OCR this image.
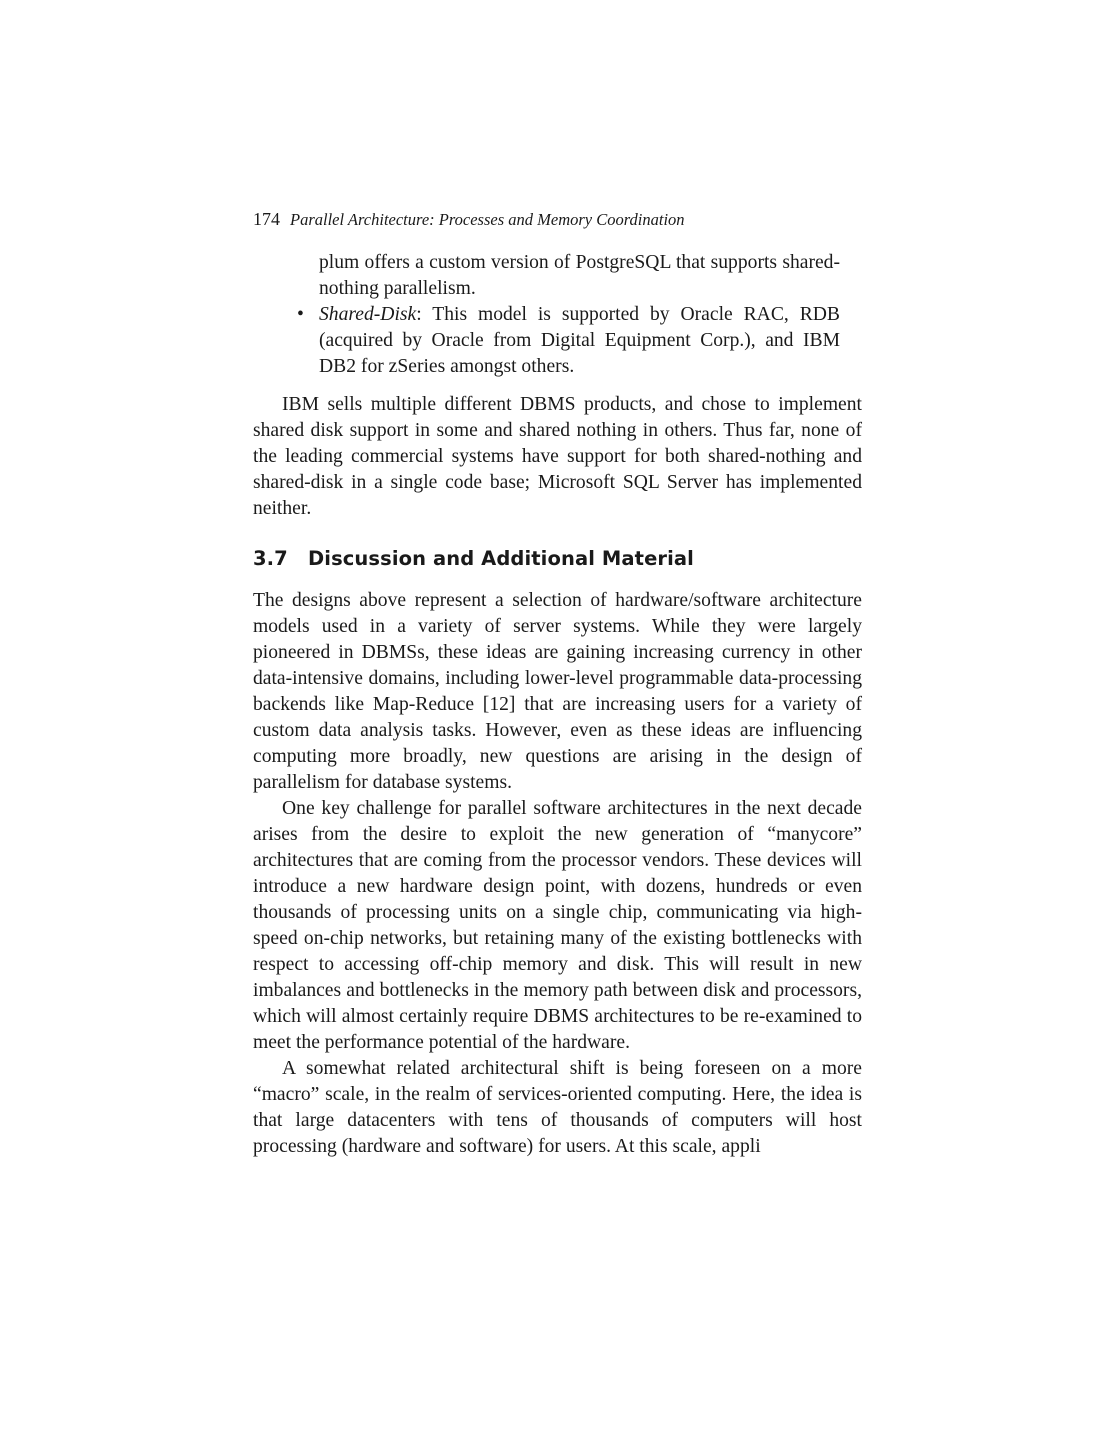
174 Parallel Architecture: Processes and Memory Coordination
plum offers a custom version of PostgreSQL that supports shared-nothing parallelism.
• Shared-Disk: This model is supported by Oracle RAC, RDB (acquired by Oracle from Digital Equipment Corp.), and IBM DB2 for zSeries amongst others.

IBM sells multiple different DBMS products, and chose to implement shared disk support in some and shared nothing in others. Thus far, none of the leading commercial systems have support for both shared-nothing and shared-disk in a single code base; Microsoft SQL Server has implemented neither.

3.7 Discussion and Additional Material

The designs above represent a selection of hardware/software architecture models used in a variety of server systems. While they were largely pioneered in DBMSs, these ideas are gaining increasing currency in other data-intensive domains, including lower-level programmable data-processing backends like Map-Reduce [12] that are increasing users for a variety of custom data analysis tasks. However, even as these ideas are influencing computing more broadly, new questions are arising in the design of parallelism for database systems.

One key challenge for parallel software architectures in the next decade arises from the desire to exploit the new generation of “manycore” architectures that are coming from the processor vendors. These devices will introduce a new hardware design point, with dozens, hundreds or even thousands of processing units on a single chip, communicating via high-speed on-chip networks, but retaining many of the existing bottlenecks with respect to accessing off-chip memory and disk. This will result in new imbalances and bottlenecks in the memory path between disk and processors, which will almost certainly require DBMS architectures to be re-examined to meet the performance potential of the hardware.

A somewhat related architectural shift is being foreseen on a more “macro” scale, in the realm of services-oriented computing. Here, the idea is that large datacenters with tens of thousands of computers will host processing (hardware and software) for users. At this scale, appli
